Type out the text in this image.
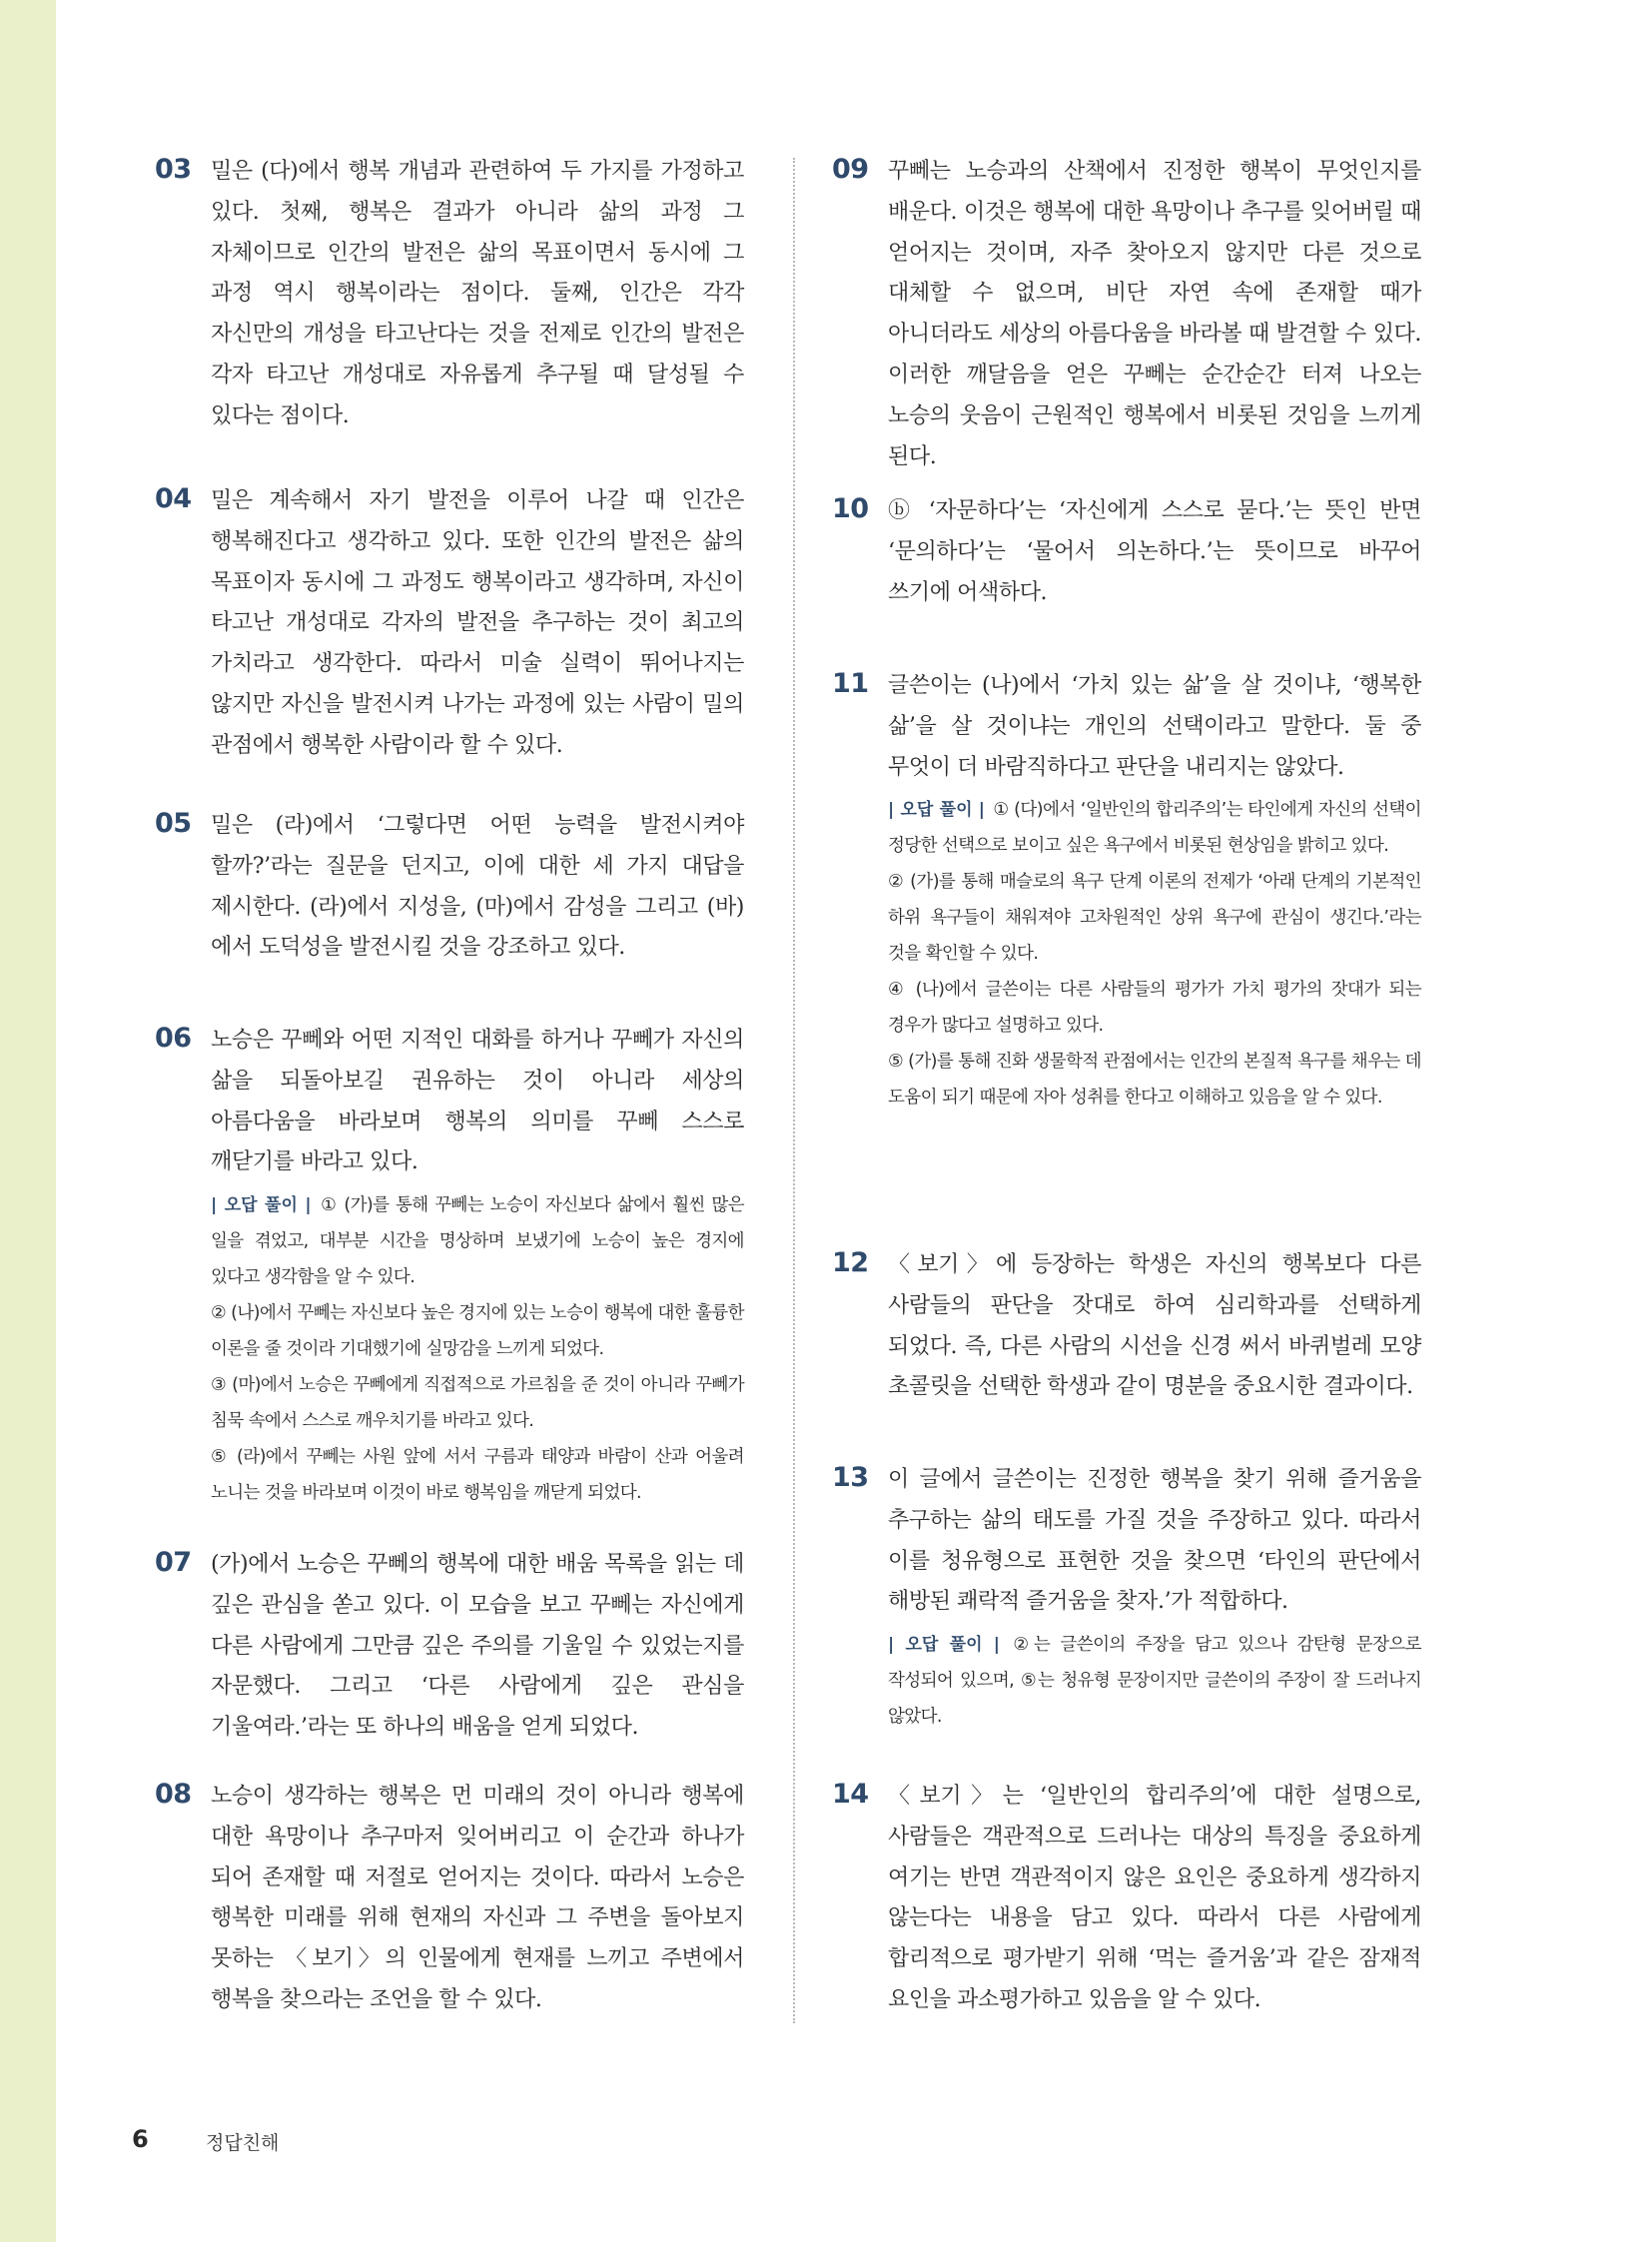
03 밀은 (다)에서 행복 개념과 관련하여 두 가지를 가정하고 있다. 첫째, 행복은 결과가 아니라 삶의 과정 그 자체이므로 인간의 발전은 삶의 목표이면서 동시에 그 과정 역시 행복이라는 점이다. 둘째, 인간은 각각 자신만의 개성을 타고난다는 것을 전제로 인간의 발전은 각자 타고난 개성대로 자유롭게 추구될 때 달성될 수 있다는 점이다.

04 밀은 계속해서 자기 발전을 이루어 나갈 때 인간은 행복해진다고 생각하고 있다. 또한 인간의 발전은 삶의 목표이자 동시에 그 과정도 행복이라고 생각하며, 자신이 타고난 개성대로 각자의 발전을 추구하는 것이 최고의 가치라고 생각한다. 따라서 미술 실력이 뛰어나지는 않지만 자신을 발전시켜 나가는 과정에 있는 사람이 밀의 관점에서 행복한 사람이라 할 수 있다.

05 밀은 (라)에서 ‘그렇다면 어떤 능력을 발전시켜야 할까?’라는 질문을 던지고, 이에 대한 세 가지 대답을 제시한다. (라)에서 지성을, (마)에서 감성을 그리고 (바)에서 도덕성을 발전시킬 것을 강조하고 있다.

06 노승은 꾸뻬와 어떤 지적인 대화를 하거나 꾸뻬가 자신의 삶을 되돌아보길 권유하는 것이 아니라 세상의 아름다움을 바라보며 행복의 의미를 꾸뻬 스스로 깨닫기를 바라고 있다.

| 오답 풀이 | ① (가)를 통해 꾸뻬는 노승이 자신보다 삶에서 훨씬 많은 일을 겪었고, 대부분 시간을 명상하며 보냈기에 노승이 높은 경지에 있다고 생각함을 알 수 있다.

② (나)에서 꾸뻬는 자신보다 높은 경지에 있는 노승이 행복에 대한 훌륭한 이론을 줄 것이라 기대했기에 실망감을 느끼게 되었다.

③ (마)에서 노승은 꾸뻬에게 직접적으로 가르침을 준 것이 아니라 꾸뻬가 침묵 속에서 스스로 깨우치기를 바라고 있다.

⑤ (라)에서 꾸뻬는 사원 앞에 서서 구름과 태양과 바람이 산과 어울려 노니는 것을 바라보며 이것이 바로 행복임을 깨닫게 되었다.

07 (가)에서 노승은 꾸뻬의 행복에 대한 배움 목록을 읽는 데 깊은 관심을 쏟고 있다. 이 모습을 보고 꾸뻬는 자신에게 다른 사람에게 그만큼 깊은 주의를 기울일 수 있었는지를 자문했다. 그리고 ‘다른 사람에게 깊은 관심을 기울여라.’라는 또 하나의 배움을 얻게 되었다.

08 노승이 생각하는 행복은 먼 미래의 것이 아니라 행복에 대한 욕망이나 추구마저 잊어버리고 이 순간과 하나가 되어 존재할 때 저절로 얻어지는 것이다. 따라서 노승은 행복한 미래를 위해 현재의 자신과 그 주변을 돌아보지 못하는 〈보기〉의 인물에게 현재를 느끼고 주변에서 행복을 찾으라는 조언을 할 수 있다.

09 꾸뻬는 노승과의 산책에서 진정한 행복이 무엇인지를 배운다. 이것은 행복에 대한 욕망이나 추구를 잊어버릴 때 얻어지는 것이며, 자주 찾아오지 않지만 다른 것으로 대체할 수 없으며, 비단 자연 속에 존재할 때가 아니더라도 세상의 아름다움을 바라볼 때 발견할 수 있다. 이러한 깨달음을 얻은 꾸뻬는 순간순간 터져 나오는 노승의 웃음이 근원적인 행복에서 비롯된 것임을 느끼게 된다.

10 ⓑ ‘자문하다’는 ‘자신에게 스스로 묻다.’는 뜻인 반면 ‘문의하다’는 ‘물어서 의논하다.’는 뜻이므로 바꾸어 쓰기에 어색하다.

11 글쓴이는 (나)에서 ‘가치 있는 삶’을 살 것이냐, ‘행복한 삶’을 살 것이냐는 개인의 선택이라고 말한다. 둘 중 무엇이 더 바람직하다고 판단을 내리지는 않았다.

| 오답 풀이 | ① (다)에서 ‘일반인의 합리주의’는 타인에게 자신의 선택이 정당한 선택으로 보이고 싶은 욕구에서 비롯된 현상임을 밝히고 있다.

② (가)를 통해 매슬로의 욕구 단계 이론의 전제가 ‘아래 단계의 기본적인 하위 욕구들이 채워져야 고차원적인 상위 욕구에 관심이 생긴다.’라는 것을 확인할 수 있다.

④ (나)에서 글쓴이는 다른 사람들의 평가가 가치 평가의 잣대가 되는 경우가 많다고 설명하고 있다.

⑤ (가)를 통해 진화 생물학적 관점에서는 인간의 본질적 욕구를 채우는 데 도움이 되기 때문에 자아 성취를 한다고 이해하고 있음을 알 수 있다.

12 〈보기〉에 등장하는 학생은 자신의 행복보다 다른 사람들의 판단을 잣대로 하여 심리학과를 선택하게 되었다. 즉, 다른 사람의 시선을 신경 써서 바퀴벌레 모양 초콜릿을 선택한 학생과 같이 명분을 중요시한 결과이다.

13 이 글에서 글쓴이는 진정한 행복을 찾기 위해 즐거움을 추구하는 삶의 태도를 가질 것을 주장하고 있다. 따라서 이를 청유형으로 표현한 것을 찾으면 ‘타인의 판단에서 해방된 쾌락적 즐거움을 찾자.’가 적합하다.

| 오답 풀이 | ②는 글쓴이의 주장을 담고 있으나 감탄형 문장으로 작성되어 있으며, ⑤는 청유형 문장이지만 글쓴이의 주장이 잘 드러나지 않았다.

14 〈보기〉는 ‘일반인의 합리주의’에 대한 설명으로, 사람들은 객관적으로 드러나는 대상의 특징을 중요하게 여기는 반면 객관적이지 않은 요인은 중요하게 생각하지 않는다는 내용을 담고 있다. 따라서 다른 사람에게 합리적으로 평가받기 위해 ‘먹는 즐거움’과 같은 잠재적 요인을 과소평가하고 있음을 알 수 있다.

6	정답친해
